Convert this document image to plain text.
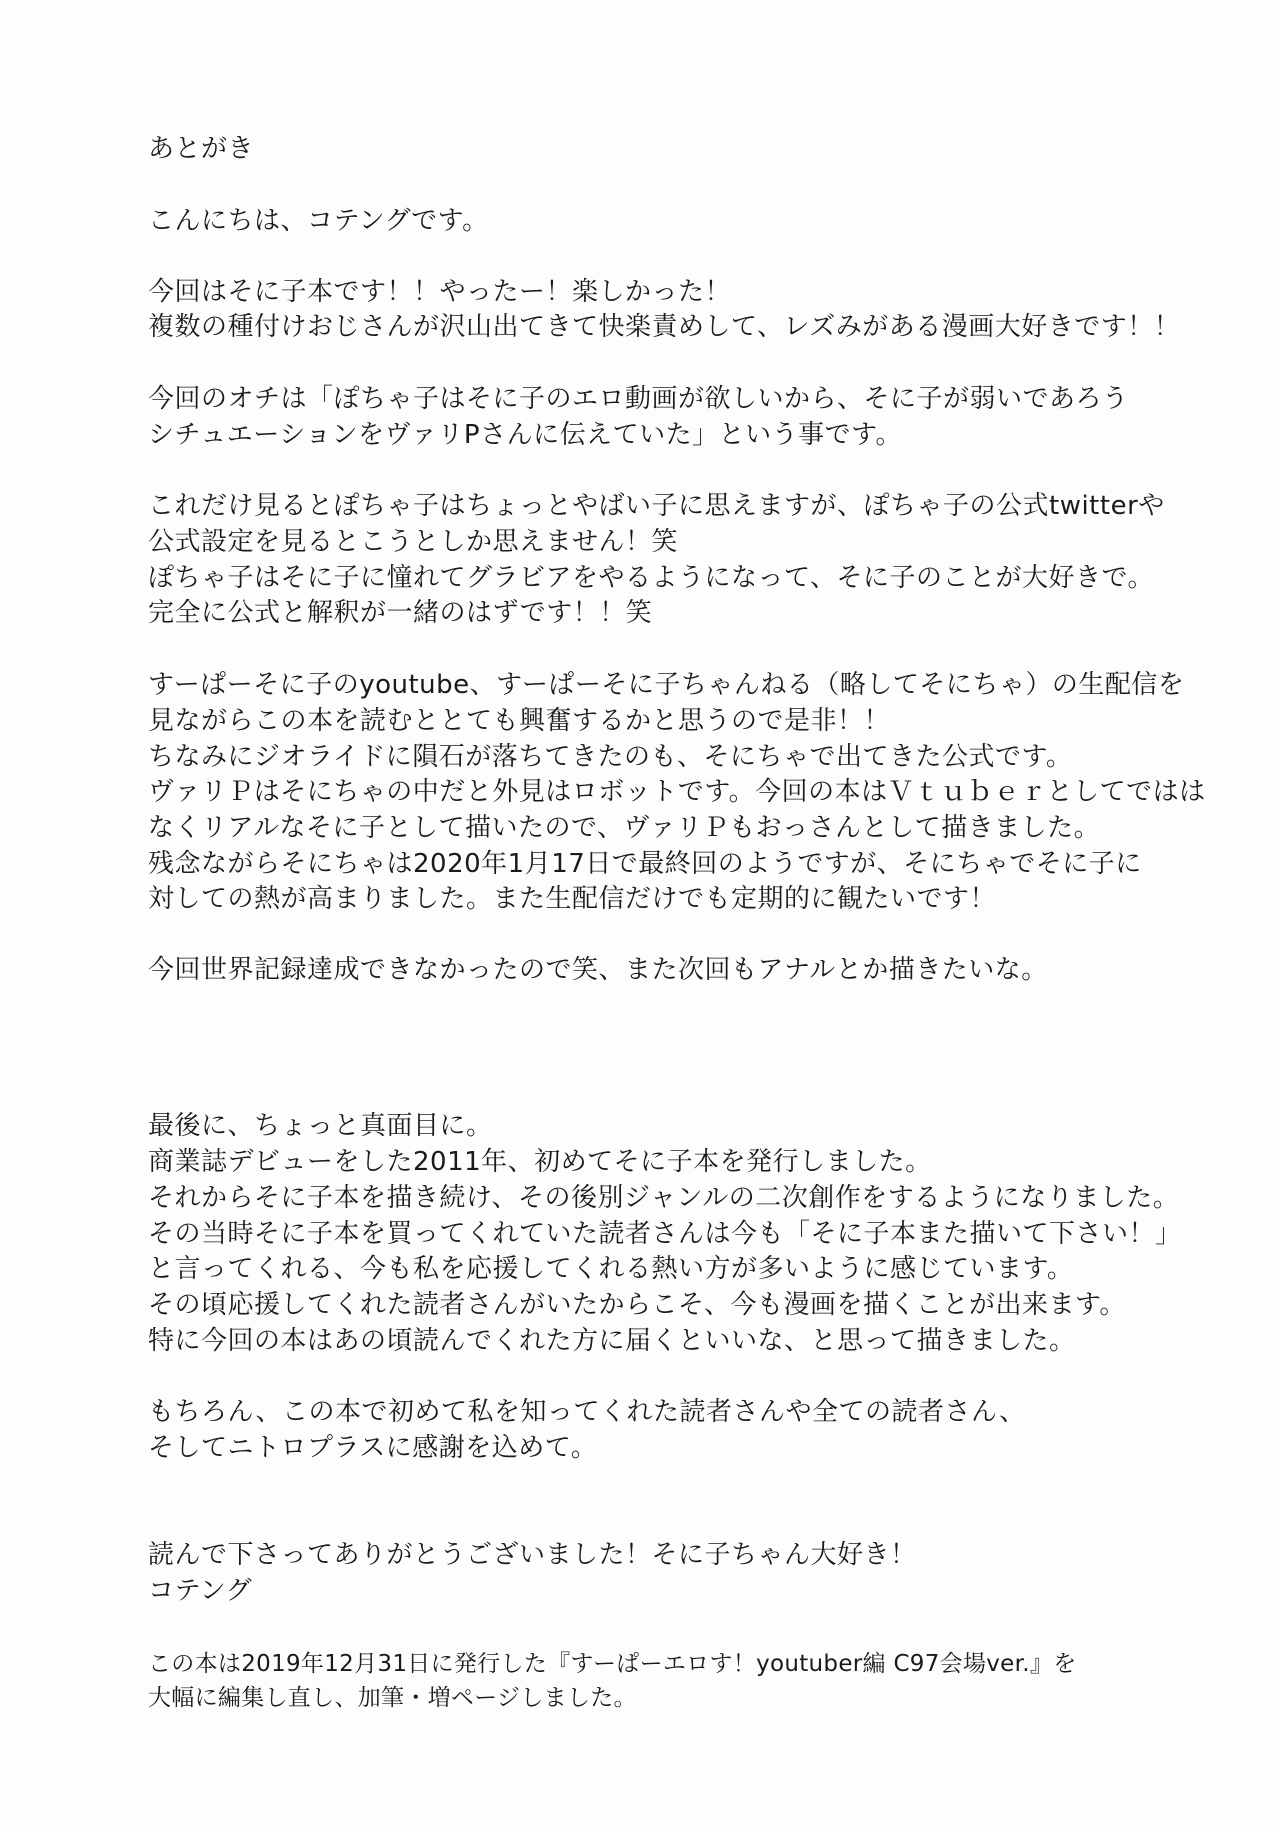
あとがき

こんにちは、コテングです。

今回はそに子本です！！やったー！楽しかった！

複数の種付けおじさんが沢山出てきて快楽責めして、レズみがある漫画大好きです！！

今回のオチは「ぽちゃ子はそに子のエロ動画が欲しいから、そに子が弱いであろう

シチュエーションをヴァリPさんに伝えていた」という事です。

これだけ見るとぽちゃ子はちょっとやばい子に思えますが、ぽちゃ子の公式twitterや

公式設定を見るとこうとしか思えません！笑

ぽちゃ子はそに子に憧れてグラビアをやるようになって、そに子のことが大好きで。

完全に公式と解釈が一緒のはずです！！笑

すーぱーそに子のyoutube、すーぱーそに子ちゃんねる（略してそにちゃ）の生配信を

見ながらこの本を読むととても興奮するかと思うので是非！！

ちなみにジオライドに隕石が落ちてきたのも、そにちゃで出てきた公式です。

ヴァリＰはそにちゃの中だと外見はロボットです。今回の本はＶｔｕｂｅｒとしてではは

なくリアルなそに子として描いたので、ヴァリＰもおっさんとして描きました。

残念ながらそにちゃは2020年1月17日で最終回のようですが、そにちゃでそに子に

対しての熱が高まりました。また生配信だけでも定期的に観たいです！

今回世界記録達成できなかったので笑、また次回もアナルとか描きたいな。

最後に、ちょっと真面目に。

商業誌デビューをした2011年、初めてそに子本を発行しました。

それからそに子本を描き続け、その後別ジャンルの二次創作をするようになりました。

その当時そに子本を買ってくれていた読者さんは今も「そに子本また描いて下さい！」

と言ってくれる、今も私を応援してくれる熱い方が多いように感じています。

その頃応援してくれた読者さんがいたからこそ、今も漫画を描くことが出来ます。

特に今回の本はあの頃読んでくれた方に届くといいな、と思って描きました。

もちろん、この本で初めて私を知ってくれた読者さんや全ての読者さん、

そしてニトロプラスに感謝を込めて。

読んで下さってありがとうございました！そに子ちゃん大好き！

コテング

この本は2019年12月31日に発行した『すーぱーエロす！youtuber編 C97会場ver.』を

大幅に編集し直し、加筆・増ページしました。
